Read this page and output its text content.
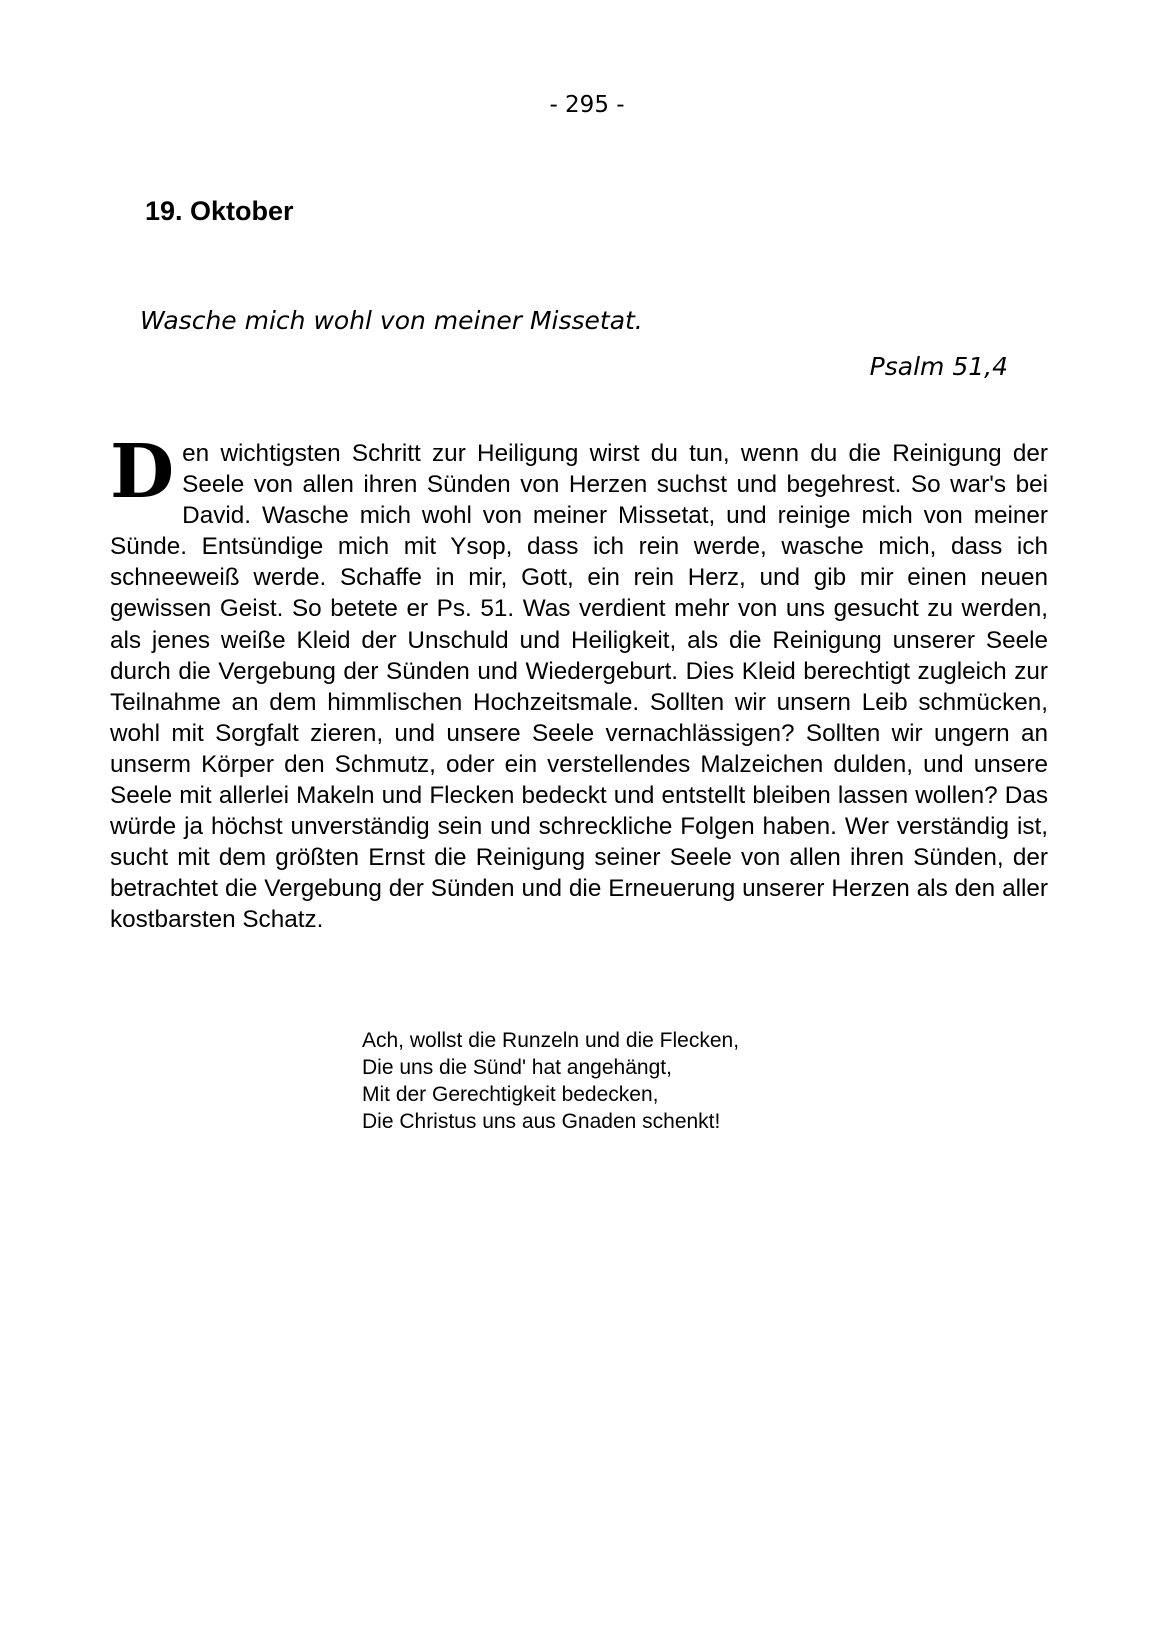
- 295 -
19. Oktober
Wasche mich wohl von meiner Missetat.
Psalm 51,4
Den wichtigsten Schritt zur Heiligung wirst du tun, wenn du die Reinigung der Seele von allen ihren Sünden von Herzen suchst und begehrest. So war's bei David. Wasche mich wohl von meiner Missetat, und reinige mich von meiner Sünde. Entsündige mich mit Ysop, dass ich rein werde, wasche mich, dass ich schneeweiß werde. Schaffe in mir, Gott, ein rein Herz, und gib mir einen neuen gewissen Geist. So betete er Ps. 51. Was verdient mehr von uns gesucht zu werden, als jenes weiße Kleid der Unschuld und Heiligkeit, als die Reinigung unserer Seele durch die Vergebung der Sünden und Wiedergeburt. Dies Kleid berechtigt zugleich zur Teilnahme an dem himmlischen Hochzeitsmale. Sollten wir unsern Leib schmücken, wohl mit Sorgfalt zieren, und unsere Seele vernachlässigen? Sollten wir ungern an unserm Körper den Schmutz, oder ein verstellendes Malzeichen dulden, und unsere Seele mit allerlei Makeln und Flecken bedeckt und entstellt bleiben lassen wollen? Das würde ja höchst unverständig sein und schreckliche Folgen haben. Wer verständig ist, sucht mit dem größten Ernst die Reinigung seiner Seele von allen ihren Sünden, der betrachtet die Vergebung der Sünden und die Erneuerung unserer Herzen als den aller kostbarsten Schatz.
Ach, wollst die Runzeln und die Flecken,
Die uns die Sünd' hat angehängt,
Mit der Gerechtigkeit bedecken,
Die Christus uns aus Gnaden schenkt!
